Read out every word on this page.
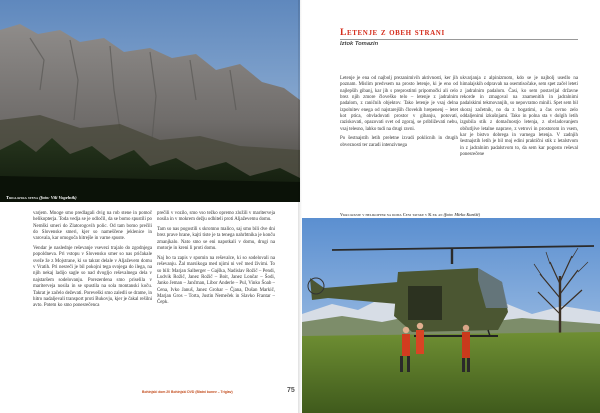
Triglavska stena (foto: Vili Vogelnik)

varjem. Mnoge smo predlagali dvig na rob stene in pomoč helikopterja. Toda vedja se je odločil, da se bomo spustili po Nemški smeri do Zlatorogovih polic. Od tam bomo prečili do Slovenske smeri, kjer so nameščene jeklenice in varovala, kar omogoča hitrejše in varne spuste.

Vendar je naslednje reševanje vsevezi trajalo do zgodnjega popoldneva. Pri vstopu v Slovensko smer so nas pričakale sveže že z Mojstrane, ki so takrat delale v Aljaževem domu v Vratih. Pri nesreči je bil pokojni tega svojega do ilega, na njih nekaj ladijo sagle so nad dvogljo reševalnega dela v najstaršem sodelovanju. Porezerdena smo priselila v mariterveja nosila in se spustila na sola montanski koču. Takrat je začelo deževati. Poreveški smo zaledli se drame, in hitro nadaljevali transport proti Bukovju, kjer je čakal rešilni avto. Potem ko smo ponesrečenca

prečili v vozilo, smo vso težko opremo zložili v mariterveja nosila in v mokrem dežju odhiteli proti Aljaževemu domu.

Tam so nas pogostili s skromno malico, saj smo bili dve dni brez prave hrane, kajti tiste je ta tenega nahrbtnika je konču zmanjkalo. Nato smo se eni napotkali v domu, drugi na motorje in kreni li proti domu.

Naj bo ta zapis v spomin na reševalce, ki so sodelovali na reševanju. Žal marsikoga med njimi ni več med živimi. To so bili: Marjan Salberger – Gajška, Nadislav Rožič – Pendi, Ludvik Rožič, Janez Rožič – Boit, Janez Lončar – Šodi, Janko Jeman – Jančman, Libor Anderle – Pul, Vinko Šoab – Cena, Ivko Januš, Janez Grohar – Čjana, Dušan Markič, Marjan Gros – Torta, Justin Nemeček in Slavko Frantar – Čepk.

Bohinjski dom 20 Bohinjski DVD (Blatni bunev – Triglav)	75
Letenje z obeh strani
Iztok Tomazin

Letenje je ena od najbolj prezanimivih aktivnosti, ker jih poznam. Mislim predvsem na prosto letenje, ki je eno od najlepših gibanj, kar jih s preprostimi pripomočki ali celo brez njih zmore človeško telo – letenje z jadralnim padalom, z raničnih objektov. Tako letenje je vsaj delna izpolnitev enega od najstarejših človekih hrepenenj – letet kot ptica, obvladovati prostor v gibanju, potovati, raziskovati, opazovati svet od zgoraj, se približevati nebu, vsaj telesno, lahko tudi na drugi ravni.

Po šestnajstih letih preletne izvadi poklicnih in drugih obveznosti ter zaradi intenzivnega

ukvarjanja z alpinizmom, kdo se je najbolj usedlo na himalajskih odpravah na osemtisočake, sem spet začel leteti z jadralnim padalom. Časi, ko sem postavljal državne rekorde in zmagoval na znamenitih in jadralnimi padalskimi tekmovanjih, so nepovratno minili. Spet sem bil skoraj začetnik, no da z bogatimi, a čas ovrno zelo oddaljenimi izkušnjami. Tako in polna sta v dolgih letih izgubila stik z domačnostjo letenja, z obvladovanjem občutljive letalne naprave, z vetrovi in prostorom in vsem, kar je bistvo dobrega in varnega letenja. V zadnjih šestnajstih letih je bil moj edini praktični stik z letalstvom in z jadralnim padalstvom to, da sem kar pogosto reševal ponesrečene

Vkrcavanje v helikopter na doma Ceni tavske v K ek an (foto: Mirko Kunšič)
